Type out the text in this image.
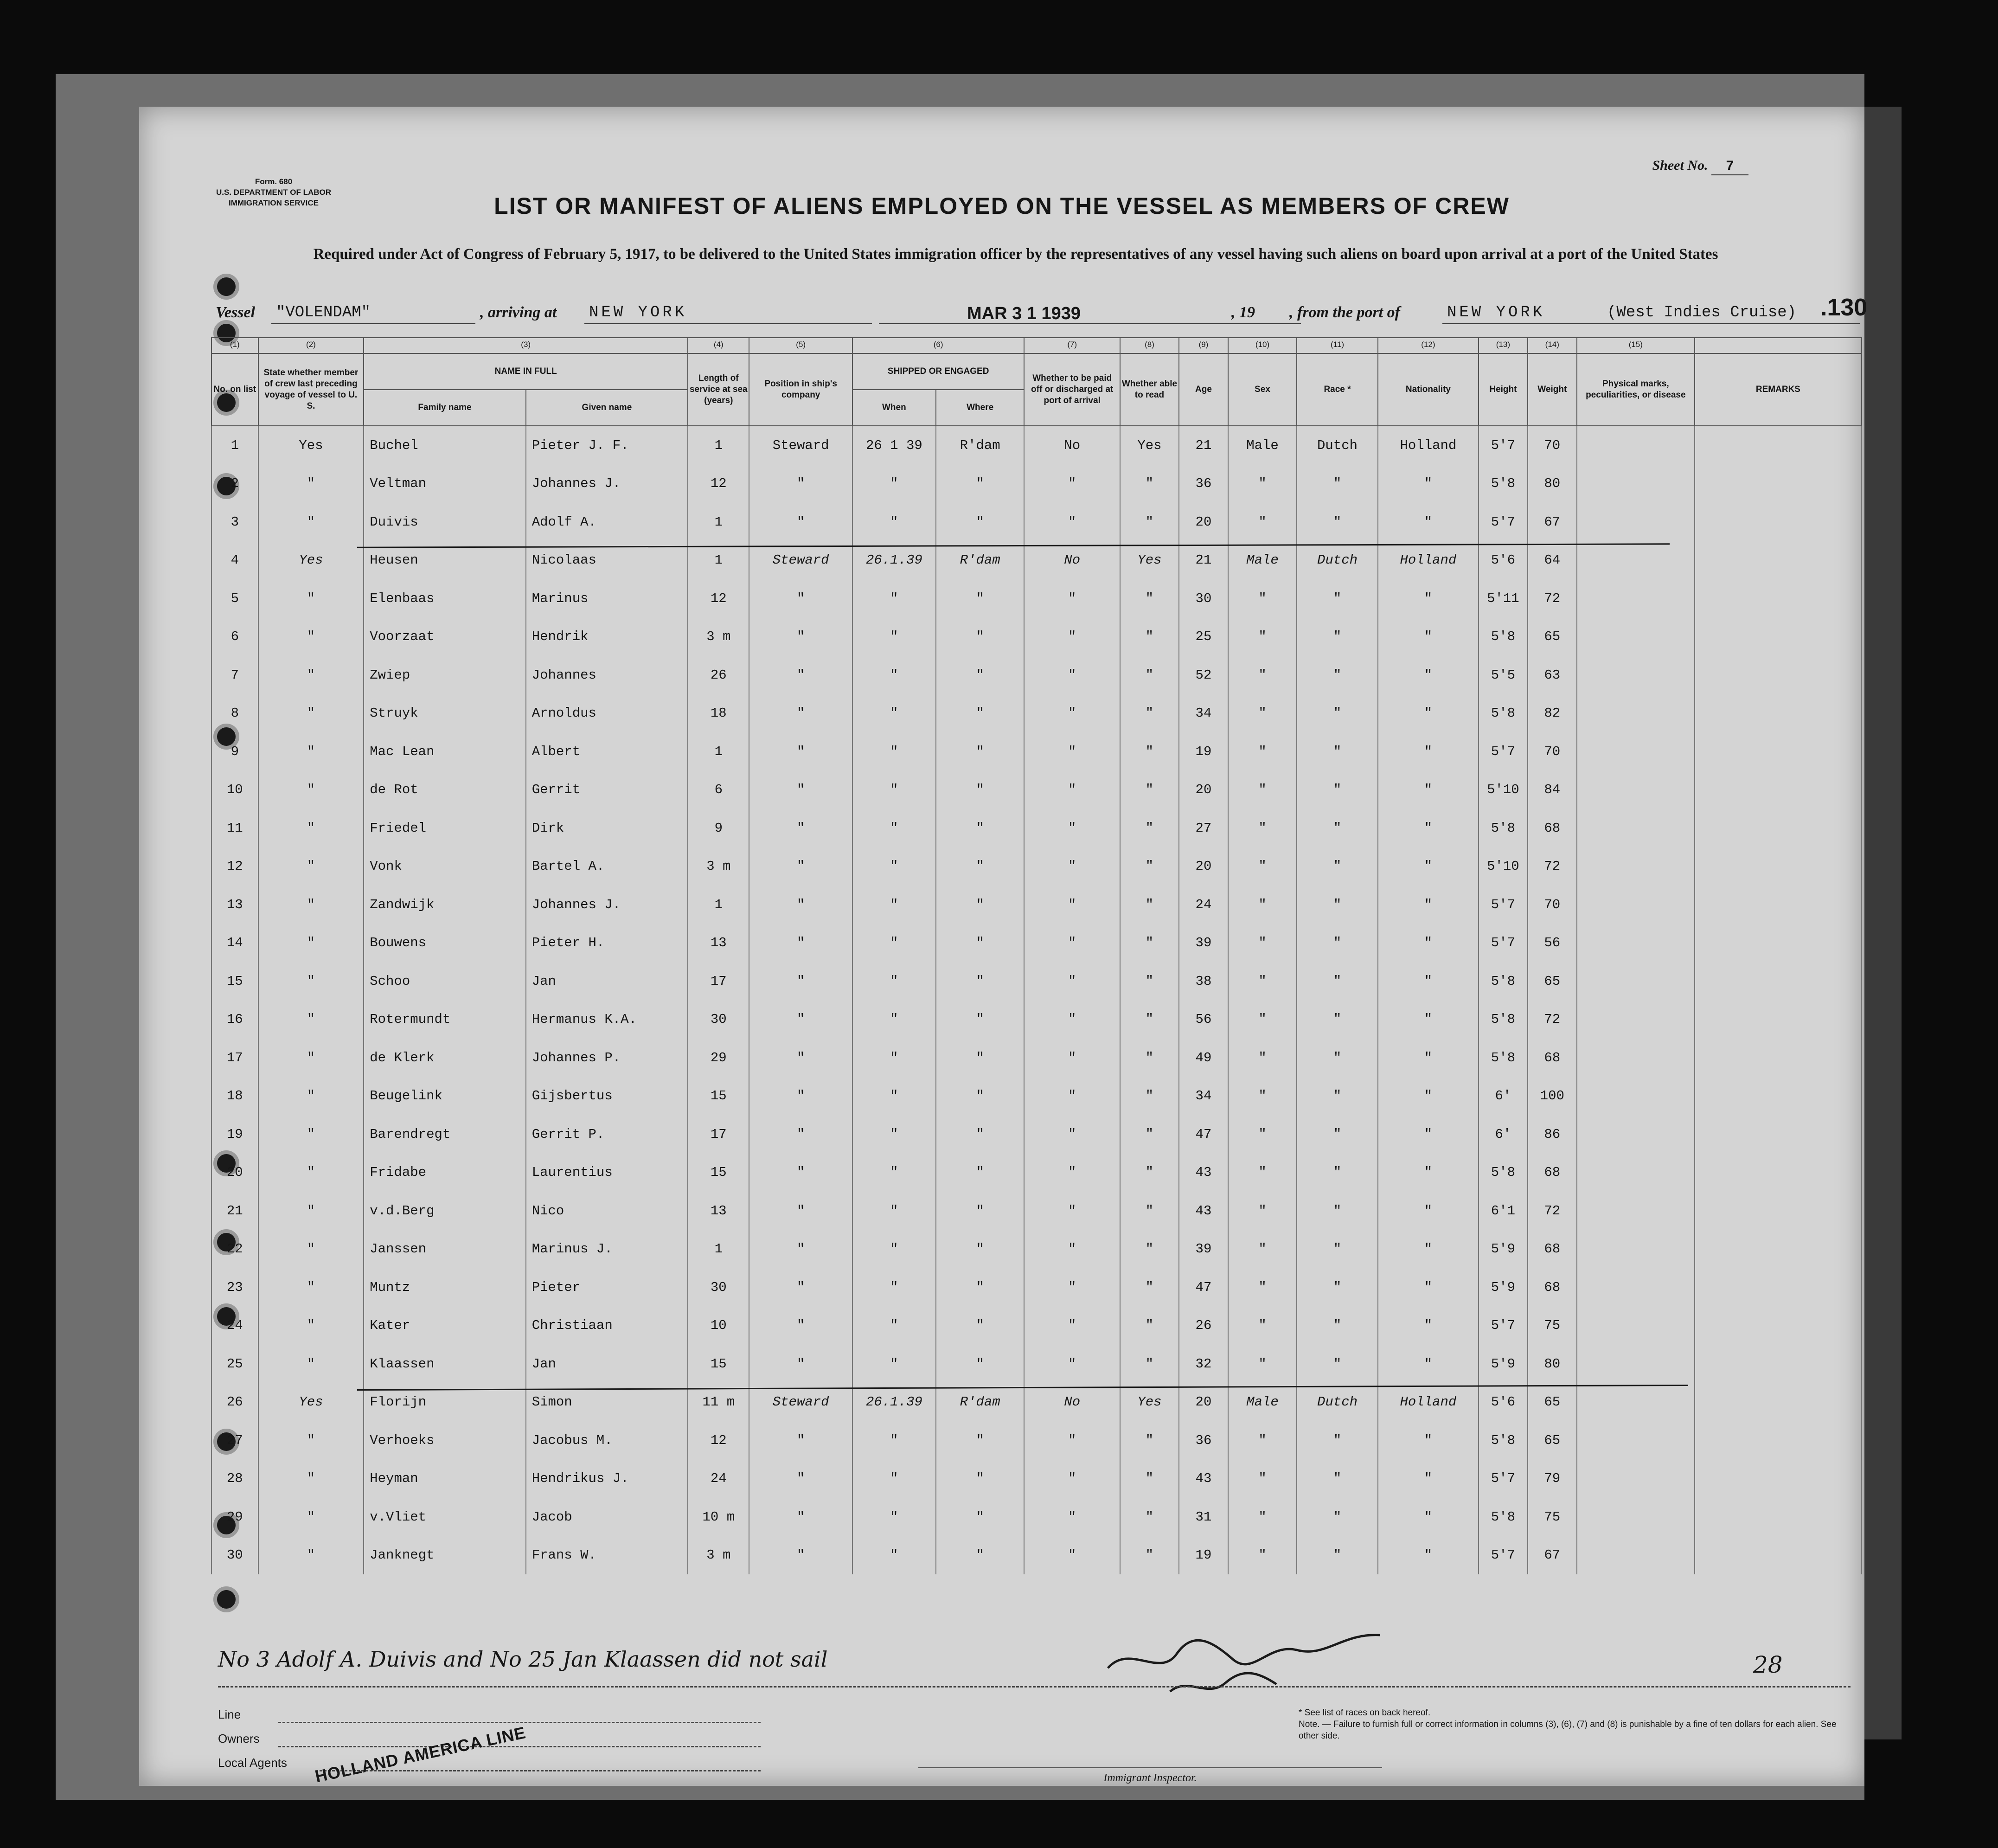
Form. 680
U.S. DEPARTMENT OF LABOR
IMMIGRATION SERVICE
Sheet No. 7
LIST OR MANIFEST OF ALIENS EMPLOYED ON THE VESSEL AS MEMBERS OF CREW
Required under Act of Congress of February 5, 1917, to be delivered to the United States immigration officer by the representatives of any vessel having such aliens on board upon arrival at a port of the United States
Vessel "VOLENDAM"	, arriving at NEW YORK	MAR 3 1 1939	, 19 , from the port of	NEW YORK	(West Indies Cruise) .130
(1)	(2)	(3)		(4)	(5)	(6)		(7)	(8)	(9)	(10)	(11)	(12)	(13)	(14)	(15)	
No. on list	State whether member of crew last preceding voyage of vessel to U. S.	NAME IN FULL		Length of service at sea (years)	Position in ship's company	SHIPPED OR ENGAGED		Whether to be paid off or discharged at port of arrival	Whether able to read	Age	Sex	Race *	Nationality	Height	Weight	Physical marks, peculiarities, or disease	REMARKS
		Family name	Given name			When	Where										
1	Yes	Buchel	Pieter J. F.	1	Steward	26 1 39	R'dam	No	Yes	21	Male	Dutch	Holland	5'7	70		
2	"	Veltman	Johannes J.	12	"	"	"	"	"	36	"	"	"	5'8	80		
3	"	Duivis	Adolf A.	1	"	"	"	"	"	20	"	"	"	5'7	67		
4	Yes	Heusen	Nicolaas	1	Steward	26.1.39	R'dam	No	Yes	21	Male	Dutch	Holland	5'6	64		
5	"	Elenbaas	Marinus	12	"	"	"	"	"	30	"	"	"	5'11	72		
6	"	Voorzaat	Hendrik	3 m	"	"	"	"	"	25	"	"	"	5'8	65		
7	"	Zwiep	Johannes	26	"	"	"	"	"	52	"	"	"	5'5	63		
8	"	Struyk	Arnoldus	18	"	"	"	"	"	34	"	"	"	5'8	82		
9	"	Mac Lean	Albert	1	"	"	"	"	"	19	"	"	"	5'7	70		
10	"	de Rot	Gerrit	6	"	"	"	"	"	20	"	"	"	5'10	84		
11	"	Friedel	Dirk	9	"	"	"	"	"	27	"	"	"	5'8	68		
12	"	Vonk	Bartel A.	3 m	"	"	"	"	"	20	"	"	"	5'10	72		
13	"	Zandwijk	Johannes J.	1	"	"	"	"	"	24	"	"	"	5'7	70		
14	"	Bouwens	Pieter H.	13	"	"	"	"	"	39	"	"	"	5'7	56		
15	"	Schoo	Jan	17	"	"	"	"	"	38	"	"	"	5'8	65		
16	"	Rotermundt	Hermanus K.A.	30	"	"	"	"	"	56	"	"	"	5'8	72		
17	"	de Klerk	Johannes P.	29	"	"	"	"	"	49	"	"	"	5'8	68		
18	"	Beugelink	Gijsbertus	15	"	"	"	"	"	34	"	"	"	6'	100		
19	"	Barendregt	Gerrit P.	17	"	"	"	"	"	47	"	"	"	6'	86		
20	"	Fridabe	Laurentius	15	"	"	"	"	"	43	"	"	"	5'8	68		
21	"	v.d.Berg	Nico	13	"	"	"	"	"	43	"	"	"	6'1	72		
22	"	Janssen	Marinus J.	1	"	"	"	"	"	39	"	"	"	5'9	68		
23	"	Muntz	Pieter	30	"	"	"	"	"	47	"	"	"	5'9	68		
24	"	Kater	Christiaan	10	"	"	"	"	"	26	"	"	"	5'7	75		
25	"	Klaassen	Jan	15	"	"	"	"	"	32	"	"	"	5'9	80		
26	Yes	Florijn	Simon	11 m	Steward	26.1.39	R'dam	No	Yes	20	Male	Dutch	Holland	5'6	65		
27	"	Verhoeks	Jacobus M.	12	"	"	"	"	"	36	"	"	"	5'8	65		
28	"	Heyman	Hendrikus J.	24	"	"	"	"	"	43	"	"	"	5'7	79		
29	"	v.Vliet	Jacob	10 m	"	"	"	"	"	31	"	"	"	5'8	75		
30	"	Janknegt	Frans W.	3 m	"	"	"	"	"	19	"	"	"	5'7	67		
No 3 Adolf A. Duivis and No 25 Jan Klaassen did not sail	28
Line
Owners
Local Agents HOLLAND AMERICA LINE	Immigrant Inspector.
* See list of races on back hereof.
Note. — Failure to furnish full or correct information in columns (3), (6), (7) and (8) is punishable by a fine of ten dollars for each alien. See other side.
